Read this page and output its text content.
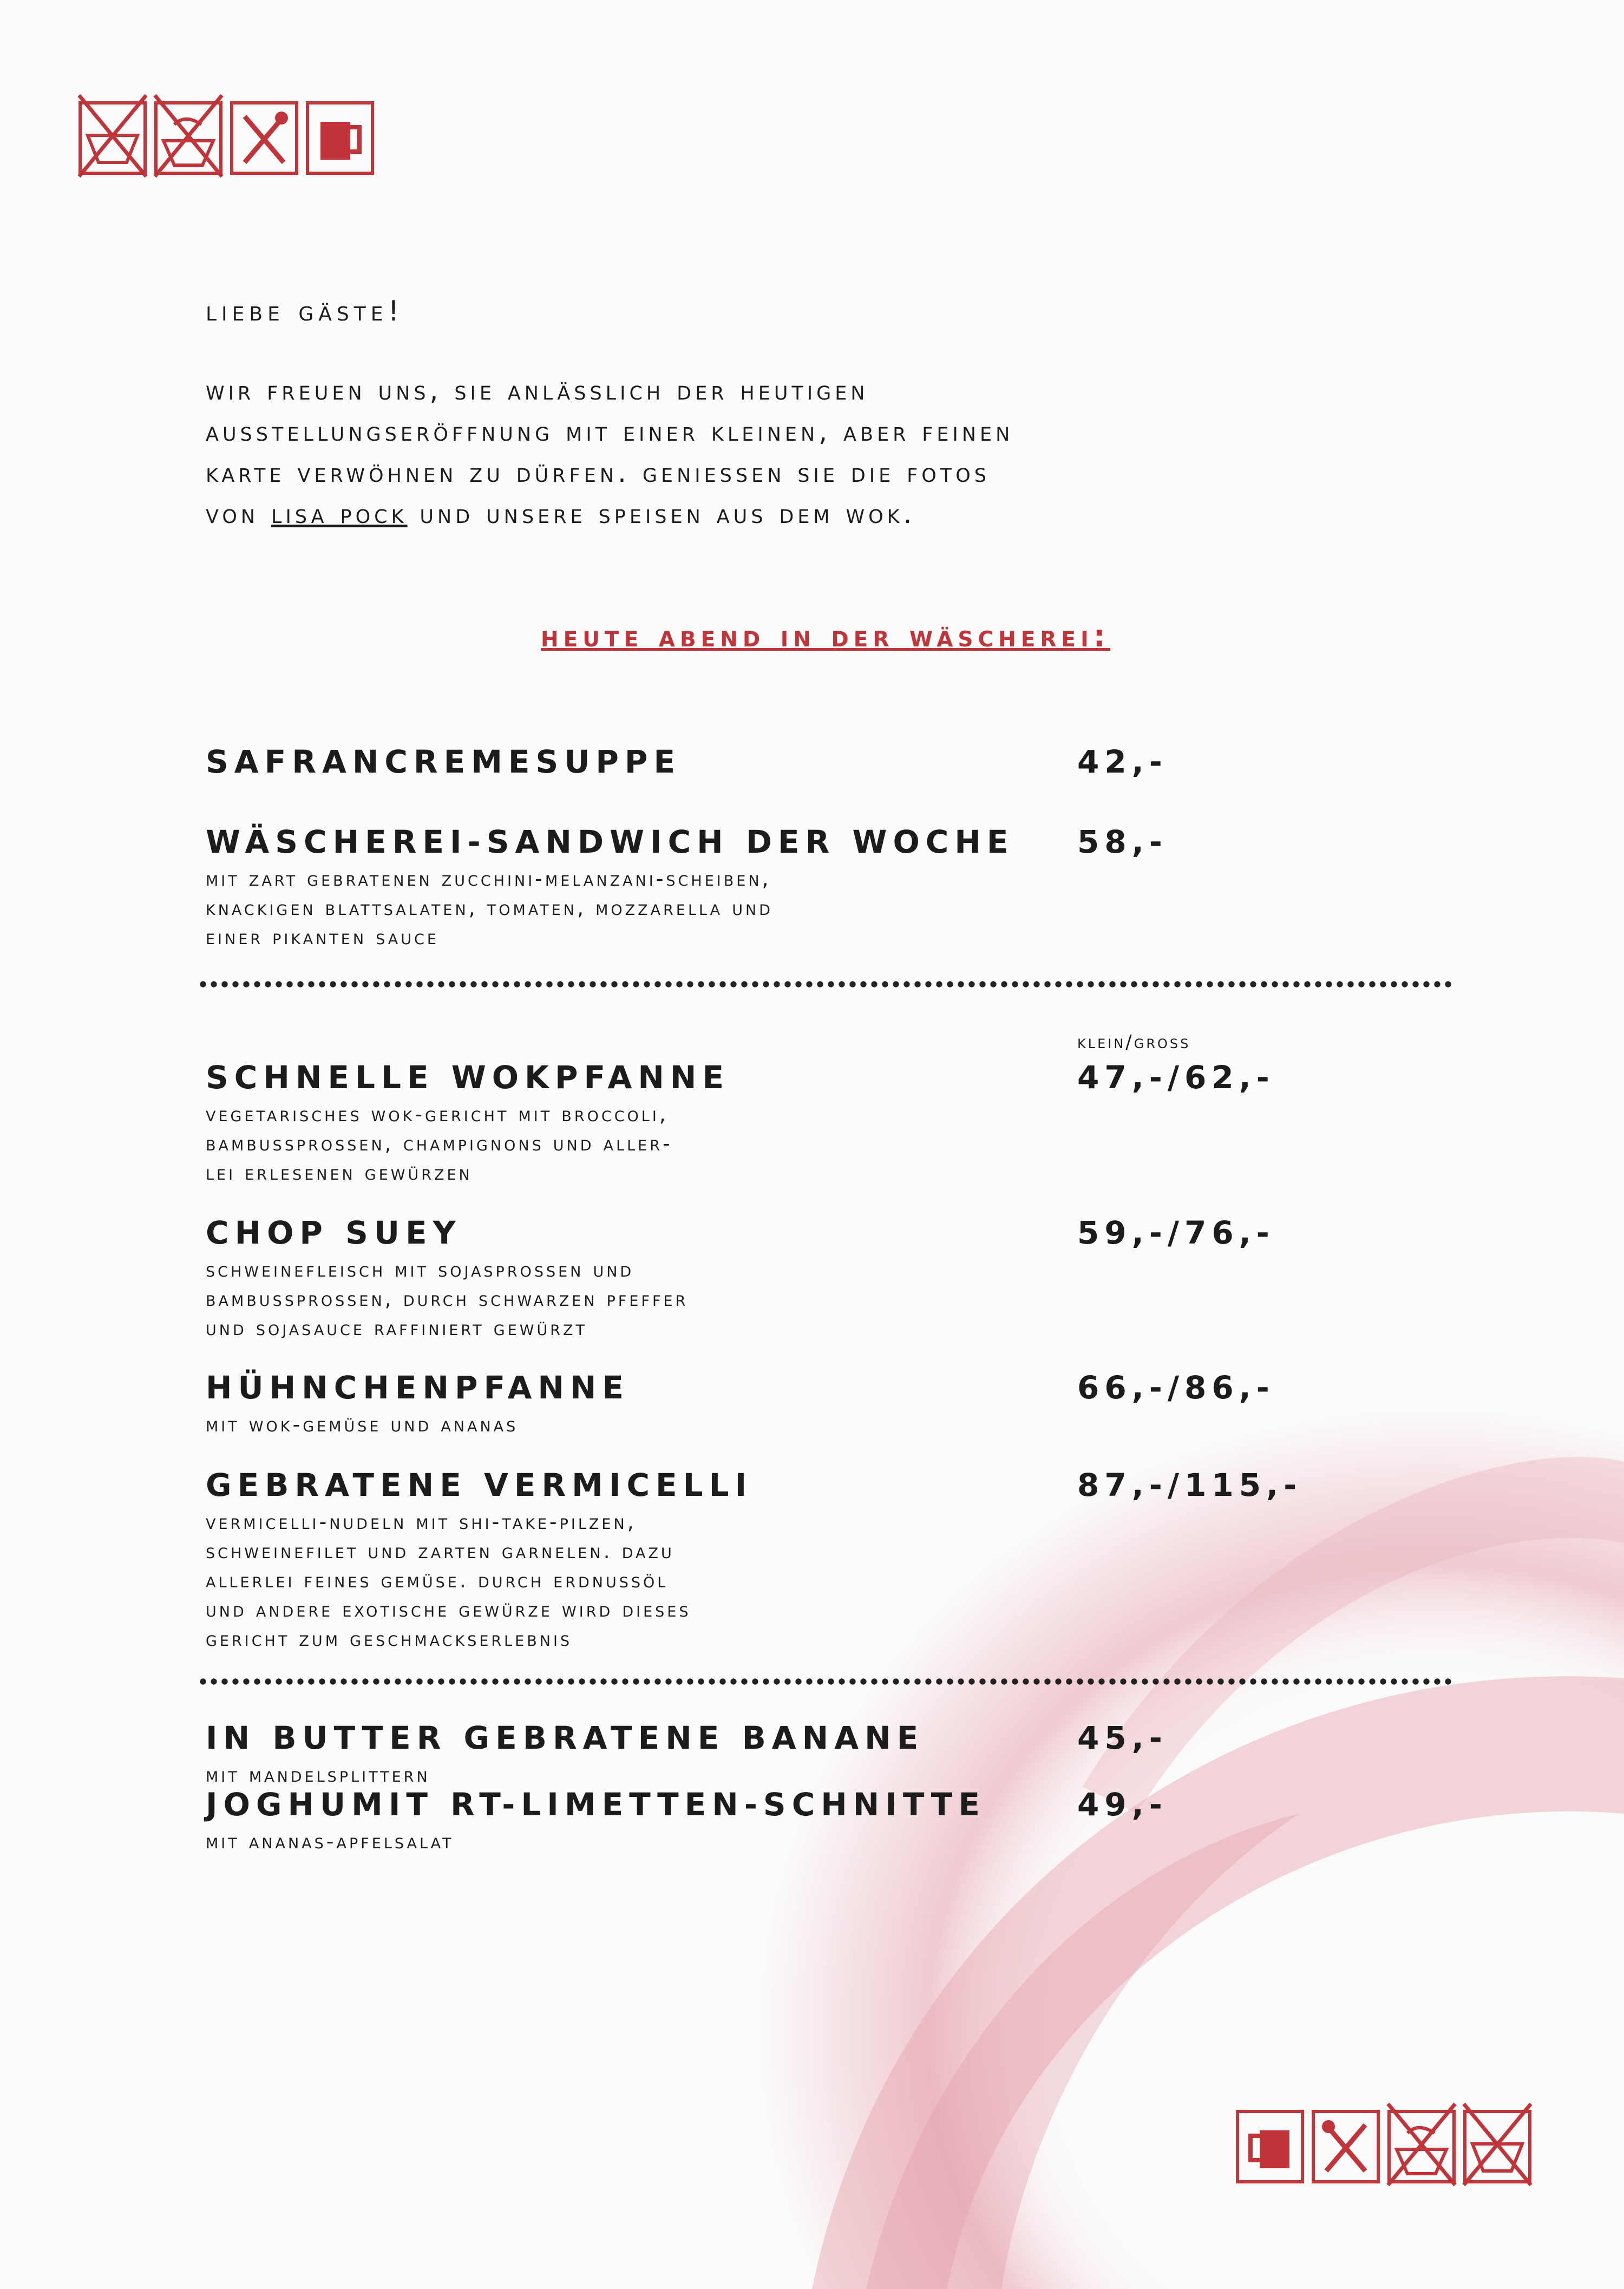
liebe gäste!

wir freuen uns, sie anlässlich der heutigen

ausstellungseröffnung mit einer kleinen, aber feinen

karte verwöhnen zu dürfen. geniessen sie die fotos

von lisa pock und unsere speisen aus dem wok.

heute abend in der wäscherei:
SAFRANCREMESUPPE	42,-
WÄSCHEREI-SANDWICH DER WOCHE
mit zart gebratenen zucchini-melanzani-scheiben,
knackigen blattsalaten, tomaten, mozzarella und
einer pikanten sauce
58,-
klein/gross
SCHNELLE WOKPFANNE
vegetarisches wok-gericht mit broccoli,
bambussprossen, champignons und aller-
lei erlesenen gewürzen
47,-/62,-
CHOP SUEY
schweinefleisch mit sojasprossen und
bambussprossen, durch schwarzen pfeffer
und sojasauce raffiniert gewürzt
59,-/76,-
HÜHNCHENPFANNE
mit wok-gemüse und ananas
66,-/86,-
GEBRATENE VERMICELLI
vermicelli-nudeln mit shi-take-pilzen,
schweinefilet und zarten garnelen. dazu
allerlei feines gemüse. durch erdnussöl
und andere exotische gewürze wird dieses
gericht zum geschmackserlebnis
87,-/115,-
IN BUTTER GEBRATENE BANANE
mit mandelsplittern
45,-
JOGHUMIT RT-LIMETTEN-SCHNITTE
mit ananas-apfelsalat
49,-
